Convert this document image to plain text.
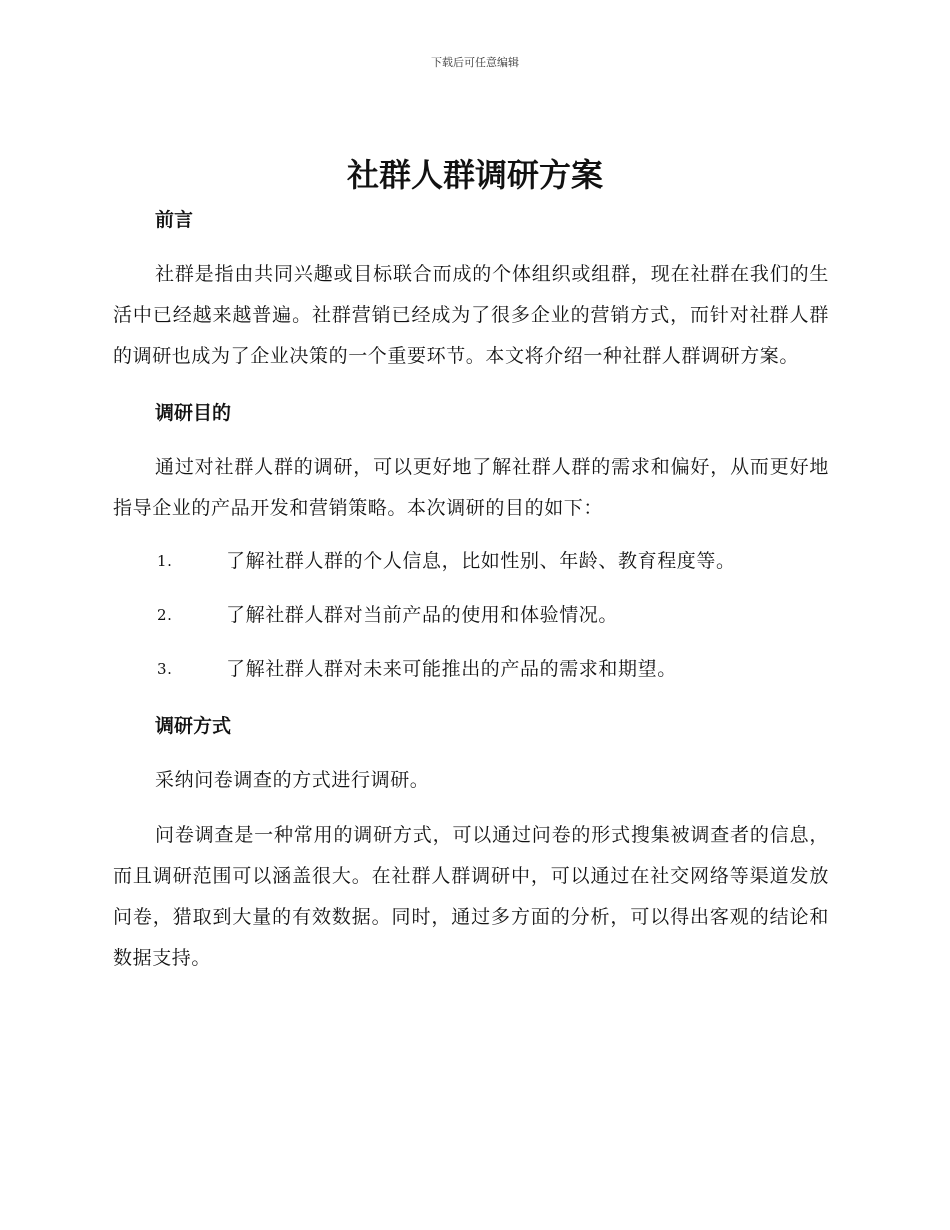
下载后可任意编辑
社群人群调研方案

前言

社群是指由共同兴趣或目标联合而成的个体组织或组群，现在社群在我们的生活中已经越来越普遍。社群营销已经成为了很多企业的营销方式，而针对社群人群的调研也成为了企业决策的一个重要环节。本文将介绍一种社群人群调研方案。

调研目的

通过对社群人群的调研，可以更好地了解社群人群的需求和偏好，从而更好地指导企业的产品开发和营销策略。本次调研的目的如下：

1.	了解社群人群的个人信息，比如性别、年龄、教育程度等。
2.	了解社群人群对当前产品的使用和体验情况。
3.	了解社群人群对未来可能推出的产品的需求和期望。

调研方式

采纳问卷调查的方式进行调研。

问卷调查是一种常用的调研方式，可以通过问卷的形式搜集被调查者的信息，而且调研范围可以涵盖很大。在社群人群调研中，可以通过在社交网络等渠道发放问卷，猎取到大量的有效数据。同时，通过多方面的分析，可以得出客观的结论和数据支持。
